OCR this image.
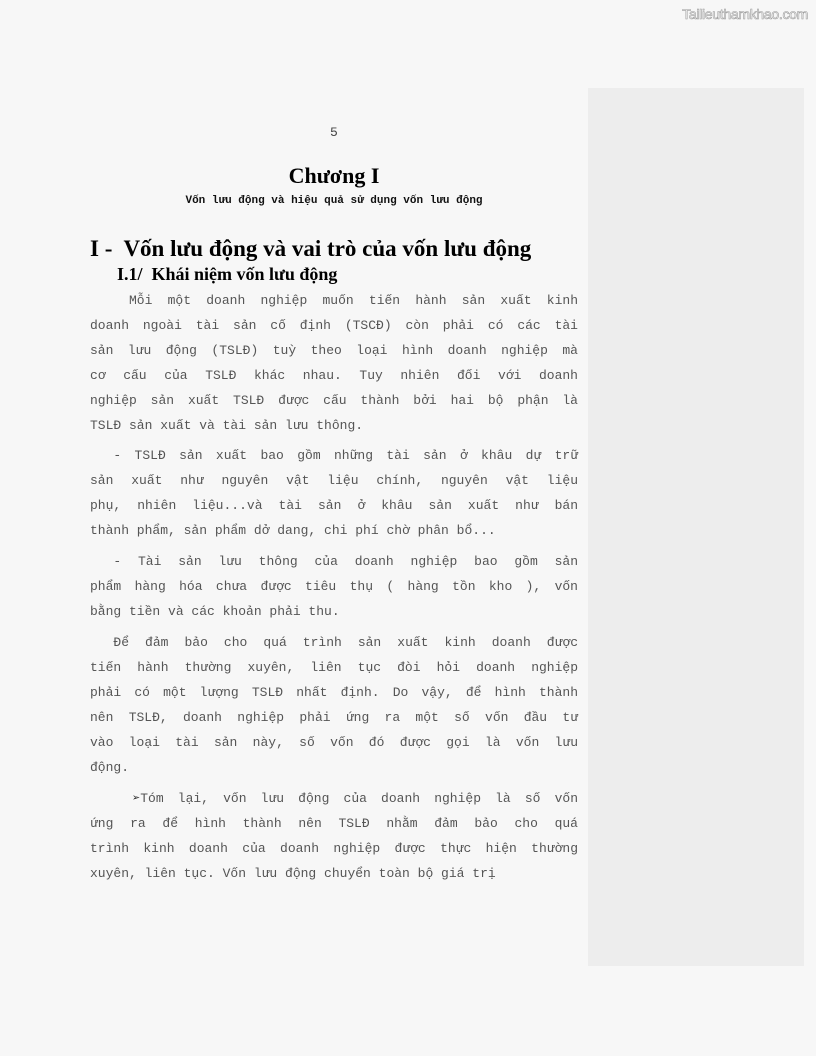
Tailieuthamkhao.com
5
Chương I
Vốn lưu động và hiệu quả sử dụng vốn lưu động
I -  Vốn lưu động và vai trò của vốn lưu động
I.1/  Khái niệm vốn lưu động
Mỗi một doanh nghiệp muốn tiến hành sản xuất kinh
doanh ngoài tài sản cố định (TSCĐ) còn phải có các tài
sản lưu động (TSLĐ) tuỳ theo loại hình doanh nghiệp mà
cơ cấu của TSLĐ khác nhau. Tuy nhiên đối với doanh
nghiệp sản xuất TSLĐ được cấu thành bởi hai bộ phận là
TSLĐ sản xuất và tài sản lưu thông.
- TSLĐ sản xuất bao gồm những tài sản ở khâu dự trữ
sản xuất như nguyên vật liệu chính, nguyên vật liệu
phụ, nhiên liệu...và tài sản ở khâu sản xuất như bán
thành phẩm, sản phẩm dở dang, chi phí chờ phân bổ...
- Tài sản lưu thông của doanh nghiệp bao gồm sản
phẩm hàng hóa chưa được tiêu thụ ( hàng tồn kho ), vốn
bằng tiền và các khoản phải thu.
Để đảm bảo cho quá trình sản xuất kinh doanh được
tiến hành thường xuyên, liên tục đòi hỏi doanh nghiệp
phải có một lượng TSLĐ nhất định. Do vậy, để hình thành
nên TSLĐ, doanh nghiệp phải ứng ra một số vốn đầu tư
vào loại tài sản này, số vốn đó được gọi là vốn lưu
động.
➢Tóm lại, vốn lưu động của doanh nghiệp là số vốn
ứng ra để hình thành nên TSLĐ nhằm đảm bảo cho quá
trình kinh doanh của doanh nghiệp được thực hiện thường
xuyên, liên tục. Vốn lưu động chuyển toàn bộ giá trị
